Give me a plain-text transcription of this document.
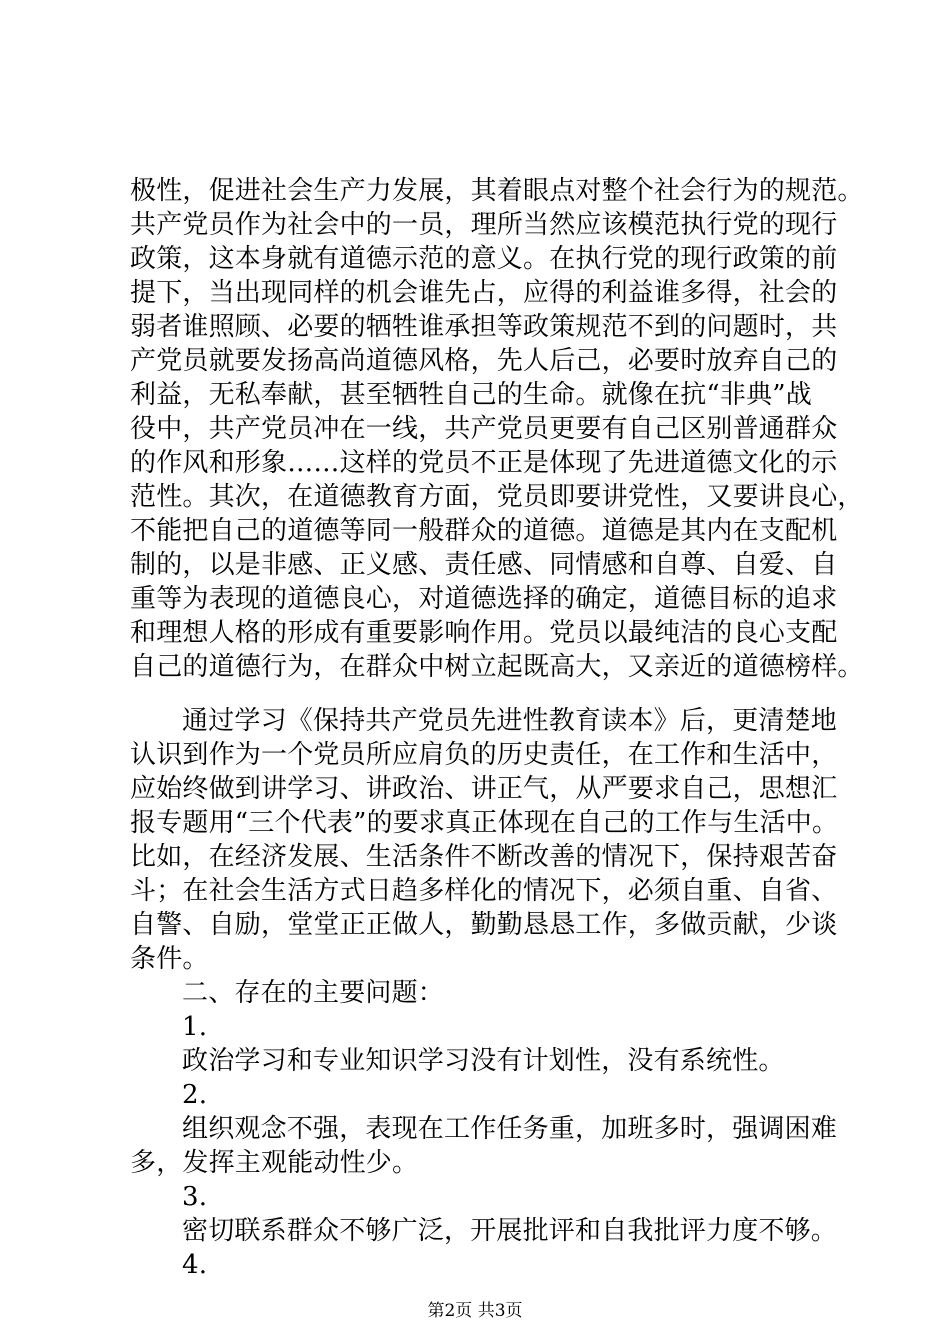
极性，促进社会生产力发展，其着眼点对整个社会行为的规范。
共产党员作为社会中的一员，理所当然应该模范执行党的现行
政策，这本身就有道德示范的意义。在执行党的现行政策的前
提下，当出现同样的机会谁先占，应得的利益谁多得，社会的
弱者谁照顾、必要的牺牲谁承担等政策规范不到的问题时，共
产党员就要发扬高尚道德风格，先人后己，必要时放弃自己的
利益，无私奉献，甚至牺牲自己的生命。就像在抗“非典”战
役中，共产党员冲在一线，共产党员更要有自己区别普通群众
的作风和形象……这样的党员不正是体现了先进道德文化的示
范性。其次，在道德教育方面，党员即要讲党性，又要讲良心，
不能把自己的道德等同一般群众的道德。道德是其内在支配机
制的，以是非感、正义感、责任感、同情感和自尊、自爱、自
重等为表现的道德良心，对道德选择的确定，道德目标的追求
和理想人格的形成有重要影响作用。党员以最纯洁的良心支配
自己的道德行为，在群众中树立起既高大，又亲近的道德榜样。
通过学习《保持共产党员先进性教育读本》后，更清楚地
认识到作为一个党员所应肩负的历史责任，在工作和生活中，
应始终做到讲学习、讲政治、讲正气，从严要求自己，思想汇
报专题用“三个代表”的要求真正体现在自己的工作与生活中。
比如，在经济发展、生活条件不断改善的情况下，保持艰苦奋
斗；在社会生活方式日趋多样化的情况下，必须自重、自省、
自警、自励，堂堂正正做人，勤勤恳恳工作，多做贡献，少谈
条件。
二、存在的主要问题：
1.
政治学习和专业知识学习没有计划性，没有系统性。
2.
组织观念不强，表现在工作任务重，加班多时，强调困难
多，发挥主观能动性少。
3.
密切联系群众不够广泛，开展批评和自我批评力度不够。
4.
第2页 共3页
